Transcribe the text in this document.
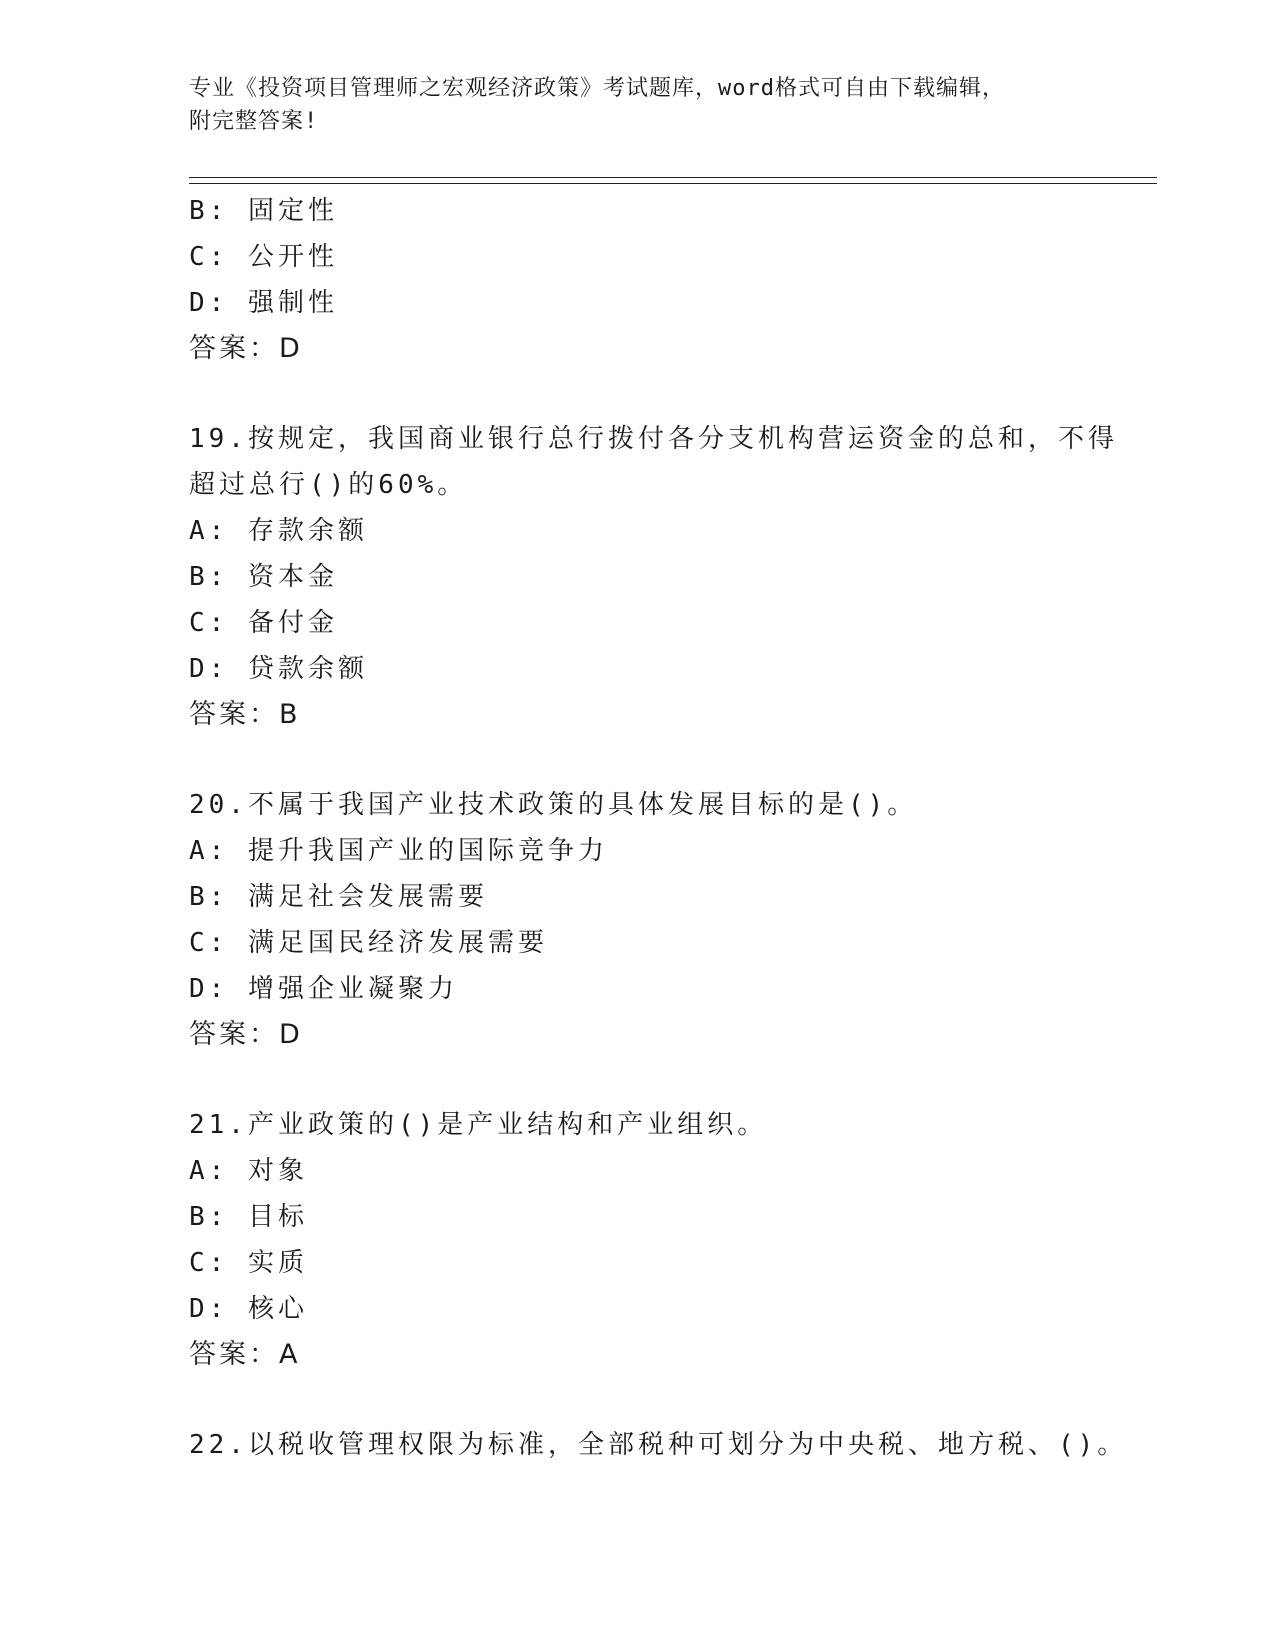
专业《投资项目管理师之宏观经济政策》考试题库，word格式可自由下载编辑，
附完整答案!
B: 固定性
C: 公开性
D: 强制性
答案：D
19.按规定，我国商业银行总行拨付各分支机构营运资金的总和，不得
超过总行()的60%。
A: 存款余额
B: 资本金
C: 备付金
D: 贷款余额
答案：B
20.不属于我国产业技术政策的具体发展目标的是()。
A: 提升我国产业的国际竞争力
B: 满足社会发展需要
C: 满足国民经济发展需要
D: 增强企业凝聚力
答案：D
21.产业政策的()是产业结构和产业组织。
A: 对象
B: 目标
C: 实质
D: 核心
答案：A
22.以税收管理权限为标准，全部税种可划分为中央税、地方税、()。
